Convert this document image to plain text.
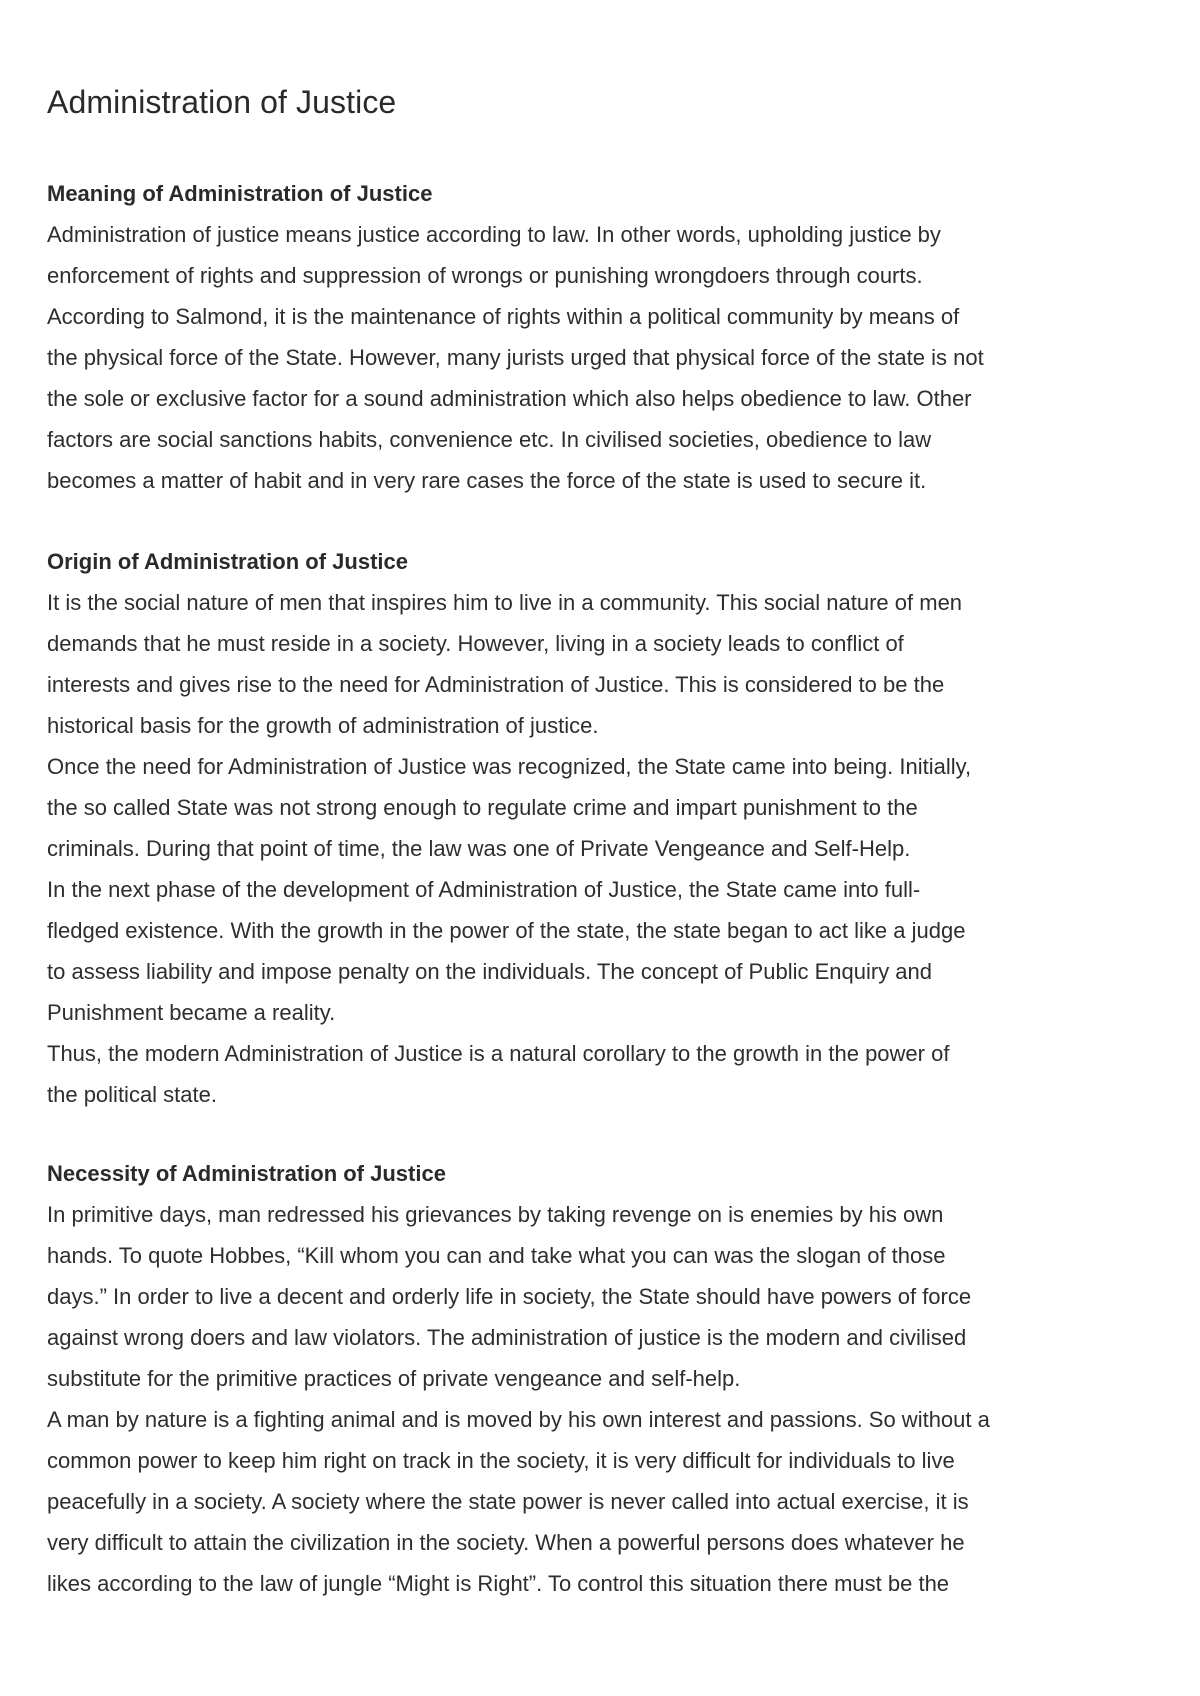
Administration of Justice
Meaning of Administration of Justice

Administration of justice means justice according to law. In other words, upholding justice by
enforcement of rights and suppression of wrongs or punishing wrongdoers through courts.
According to Salmond, it is the maintenance of rights within a political community by means of
the physical force of the State. However, many jurists urged that physical force of the state is not
the sole or exclusive factor for a sound administration which also helps obedience to law. Other
factors are social sanctions habits, convenience etc. In civilised societies, obedience to law
becomes a matter of habit and in very rare cases the force of the state is used to secure it.

Origin of Administration of Justice

It is the social nature of men that inspires him to live in a community. This social nature of men
demands that he must reside in a society. However, living in a society leads to conflict of
interests and gives rise to the need for Administration of Justice. This is considered to be the
historical basis for the growth of administration of justice.

Once the need for Administration of Justice was recognized, the State came into being. Initially,
the so called State was not strong enough to regulate crime and impart punishment to the
criminals. During that point of time, the law was one of Private Vengeance and Self-Help.

In the next phase of the development of Administration of Justice, the State came into full-
fledged existence. With the growth in the power of the state, the state began to act like a judge
to assess liability and impose penalty on the individuals. The concept of Public Enquiry and
Punishment became a reality.

Thus, the modern Administration of Justice is a natural corollary to the growth in the power of
the political state.

Necessity of Administration of Justice

In primitive days, man redressed his grievances by taking revenge on is enemies by his own
hands. To quote Hobbes, “Kill whom you can and take what you can was the slogan of those
days.” In order to live a decent and orderly life in society, the State should have powers of force
against wrong doers and law violators. The administration of justice is the modern and civilised
substitute for the primitive practices of private vengeance and self-help.

A man by nature is a fighting animal and is moved by his own interest and passions. So without a
common power to keep him right on track in the society, it is very difficult for individuals to live
peacefully in a society. A society where the state power is never called into actual exercise, it is
very difficult to attain the civilization in the society. When a powerful persons does whatever he
likes according to the law of jungle “Might is Right”. To control this situation there must be the
